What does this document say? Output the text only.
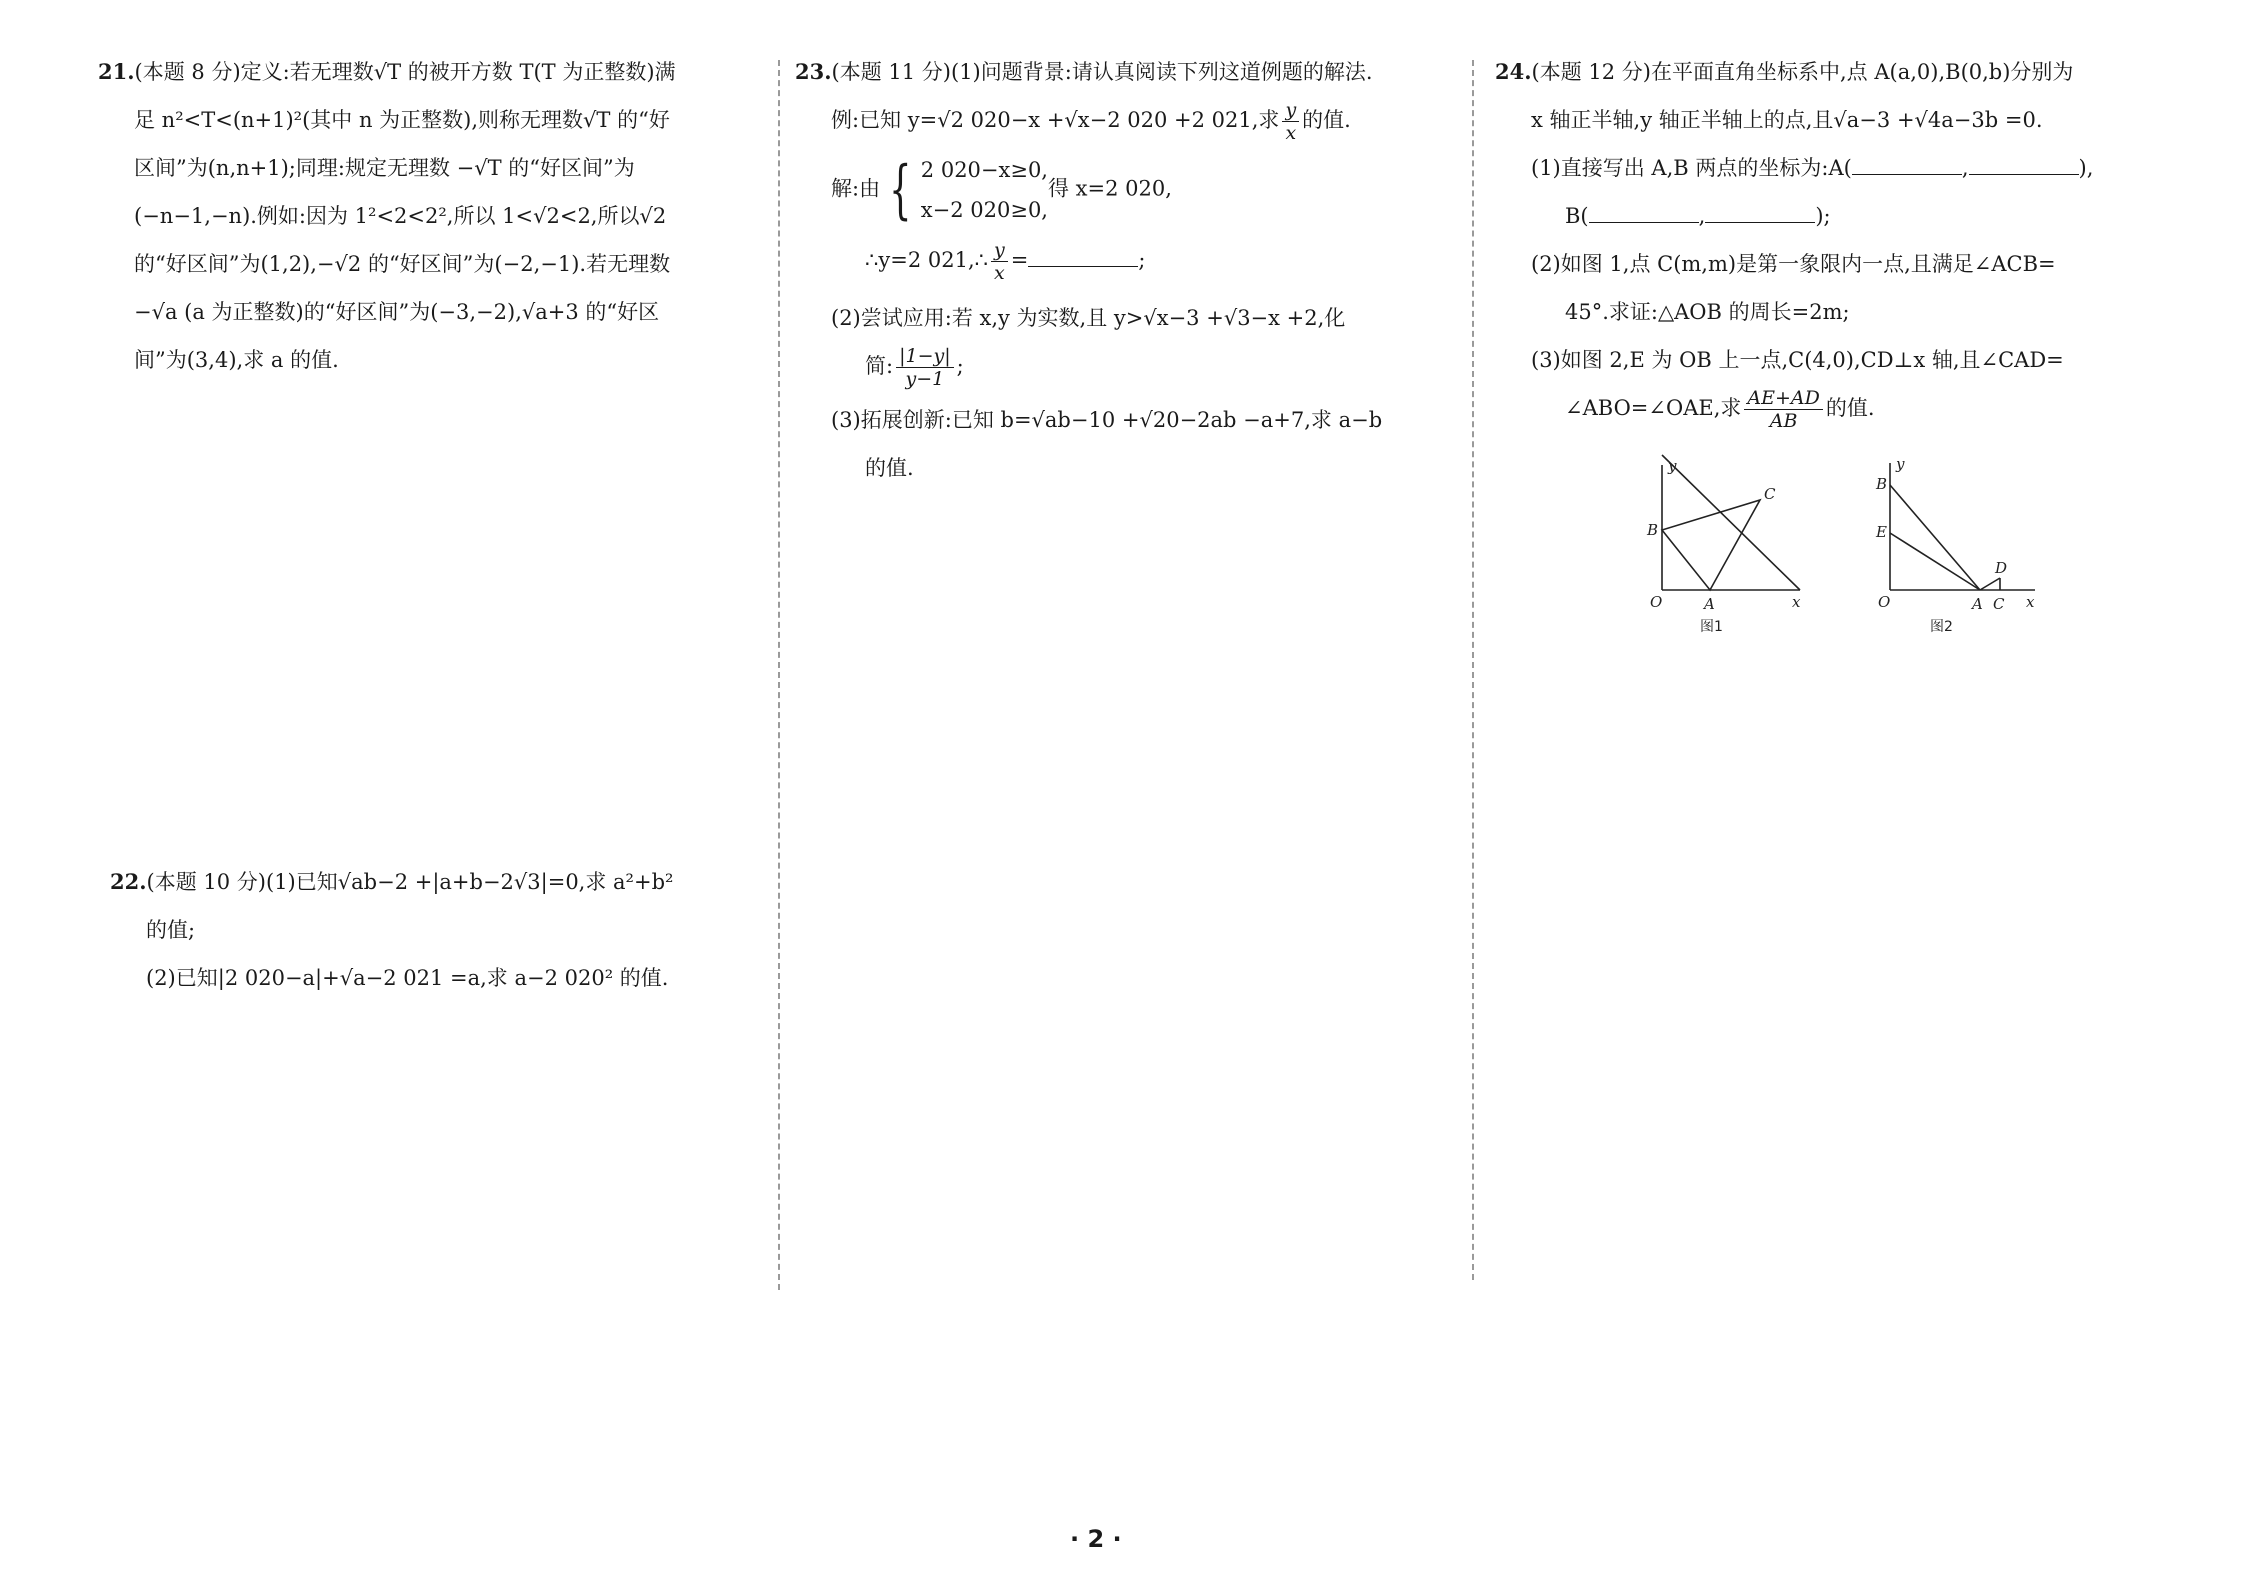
21.(本题 8 分)定义:若无理数√T 的被开方数 T(T 为正整数)满

足 n²<T<(n+1)²(其中 n 为正整数),则称无理数√T 的“好

区间”为(n,n+1);同理:规定无理数 −√T 的“好区间”为

(−n−1,−n).例如:因为 1²<2<2²,所以 1<√2<2,所以√2

的“好区间”为(1,2),−√2 的“好区间”为(−2,−1).若无理数

−√a (a 为正整数)的“好区间”为(−3,−2),√a+3 的“好区

间”为(3,4),求 a 的值.

22.(本题 10 分)(1)已知√ab−2 +|a+b−2√3|=0,求 a²+b²

的值;

(2)已知|2 020−a|+√a−2 021 =a,求 a−2 020² 的值.

23.(本题 11 分)(1)问题背景:请认真阅读下列这道例题的解法.

例:已知 y=√2 020−x +√x−2 020 +2 021,求 $\frac{y}{x}$ 的值.

解:由 { 2 020−x≥0,
x−2 020≥0,
得 x=2 020,

∴y=2 021,∴ $\frac{y}{x}$ =	;

(2)尝试应用:若 x,y 为实数,且 y>√x−3 +√3−x +2,化

简: $\frac{|1-y|}{y-1}$ ;

(3)拓展创新:已知 b=√ab−10 +√20−2ab −a+7,求 a−b

的值.

24.(本题 12 分)在平面直角坐标系中,点 A(a,0),B(0,b)分别为

x 轴正半轴,y 轴正半轴上的点,且√a−3 +√4a−3b =0.

(1)直接写出 A,B 两点的坐标为:A(	,	),

B(	,	);

(2)如图 1,点 C(m,m)是第一象限内一点,且满足∠ACB=

45°.求证:△AOB 的周长=2m;

(3)如图 2,E 为 OB 上一点,C(4,0),CD⊥x 轴,且∠CAD=

∠ABO=∠OAE,求 $\frac{AE+AD}{AB}$ 的值.

y
x
O	A
B
C
图1
y
x
O	A C
B
E
D
图2
· 2 ·
